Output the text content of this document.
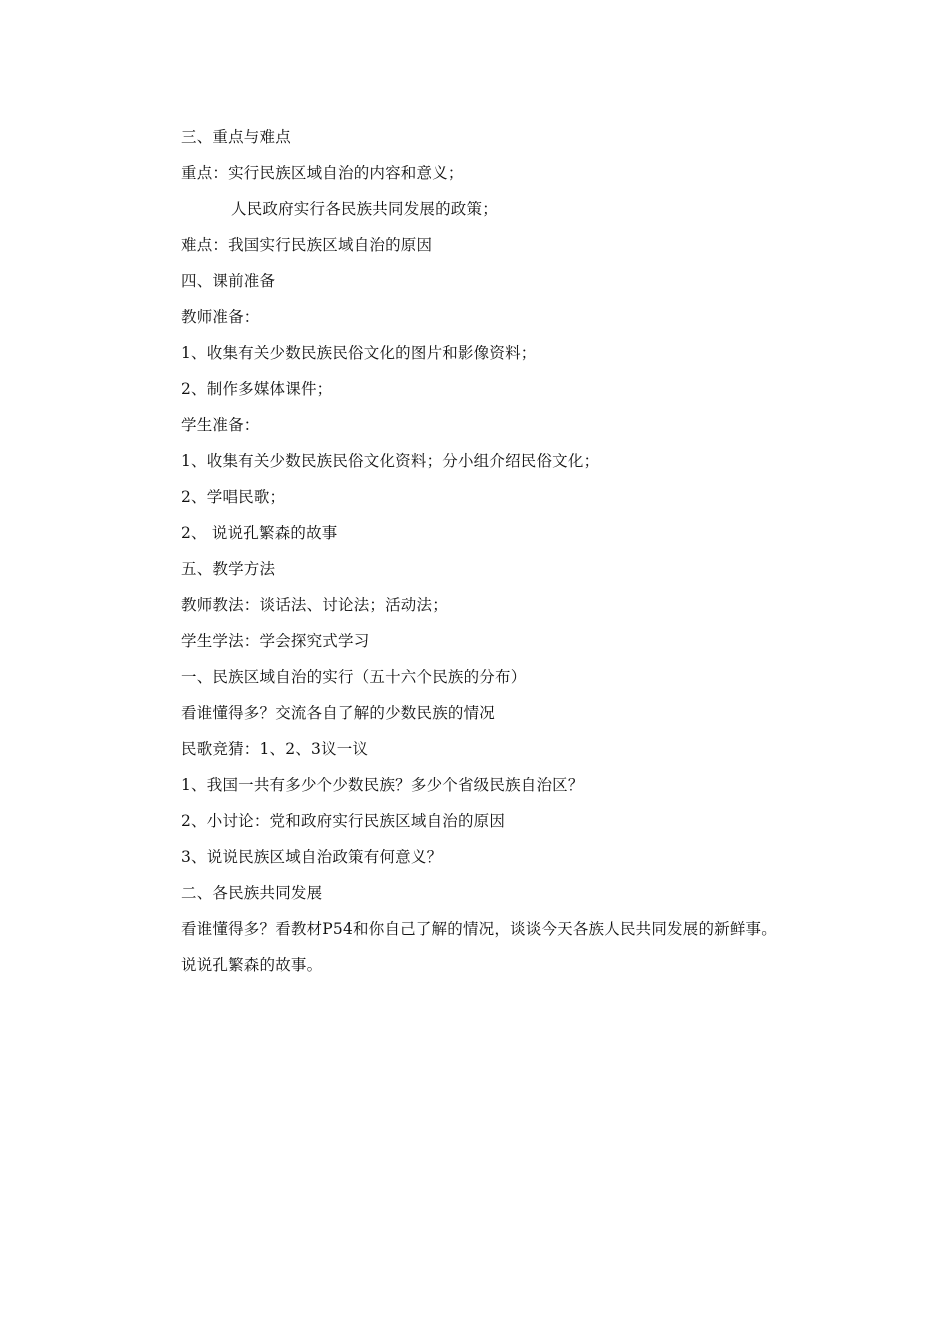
三、重点与难点
重点：实行民族区域自治的内容和意义；
人民政府实行各民族共同发展的政策；
难点：我国实行民族区域自治的原因
四、课前准备
教师准备：
1、收集有关少数民族民俗文化的图片和影像资料；
2、制作多媒体课件；
学生准备：
1、收集有关少数民族民俗文化资料；分小组介绍民俗文化；
2、学唱民歌；
2、 说说孔繁森的故事
五、教学方法
教师教法：谈话法、讨论法；活动法；
学生学法：学会探究式学习
一、民族区域自治的实行（五十六个民族的分布）
看谁懂得多？交流各自了解的少数民族的情况
民歌竞猜：1、2、3议一议
1、我国一共有多少个少数民族？多少个省级民族自治区？
2、小讨论：党和政府实行民族区域自治的原因
3、说说民族区域自治政策有何意义？
二、各民族共同发展
看谁懂得多？看教材P54和你自己了解的情况，谈谈今天各族人民共同发展的新鲜事。
说说孔繁森的故事。
